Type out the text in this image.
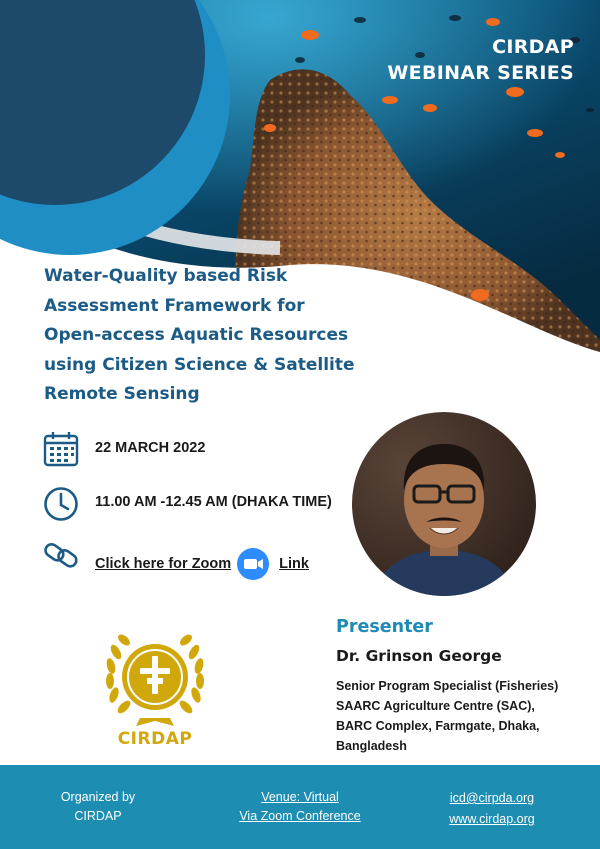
CIRDAP
WEBINAR SERIES
Water-Quality based Risk
Assessment Framework for
Open-access Aquatic Resources
using Citizen Science & Satellite
Remote Sensing
22 MARCH 2022
11.00 AM -12.45 AM (DHAKA TIME)
Click here for Zoom	Link
Presenter
Dr. Grinson George
Senior Program Specialist (Fisheries)
SAARC Agriculture Centre (SAC),
BARC Complex, Farmgate, Dhaka,
Bangladesh
CIRDAP
Organized by
CIRDAP
Venue: Virtual
Via Zoom Conference
icd@cirpda.org
www.cirdap.org
